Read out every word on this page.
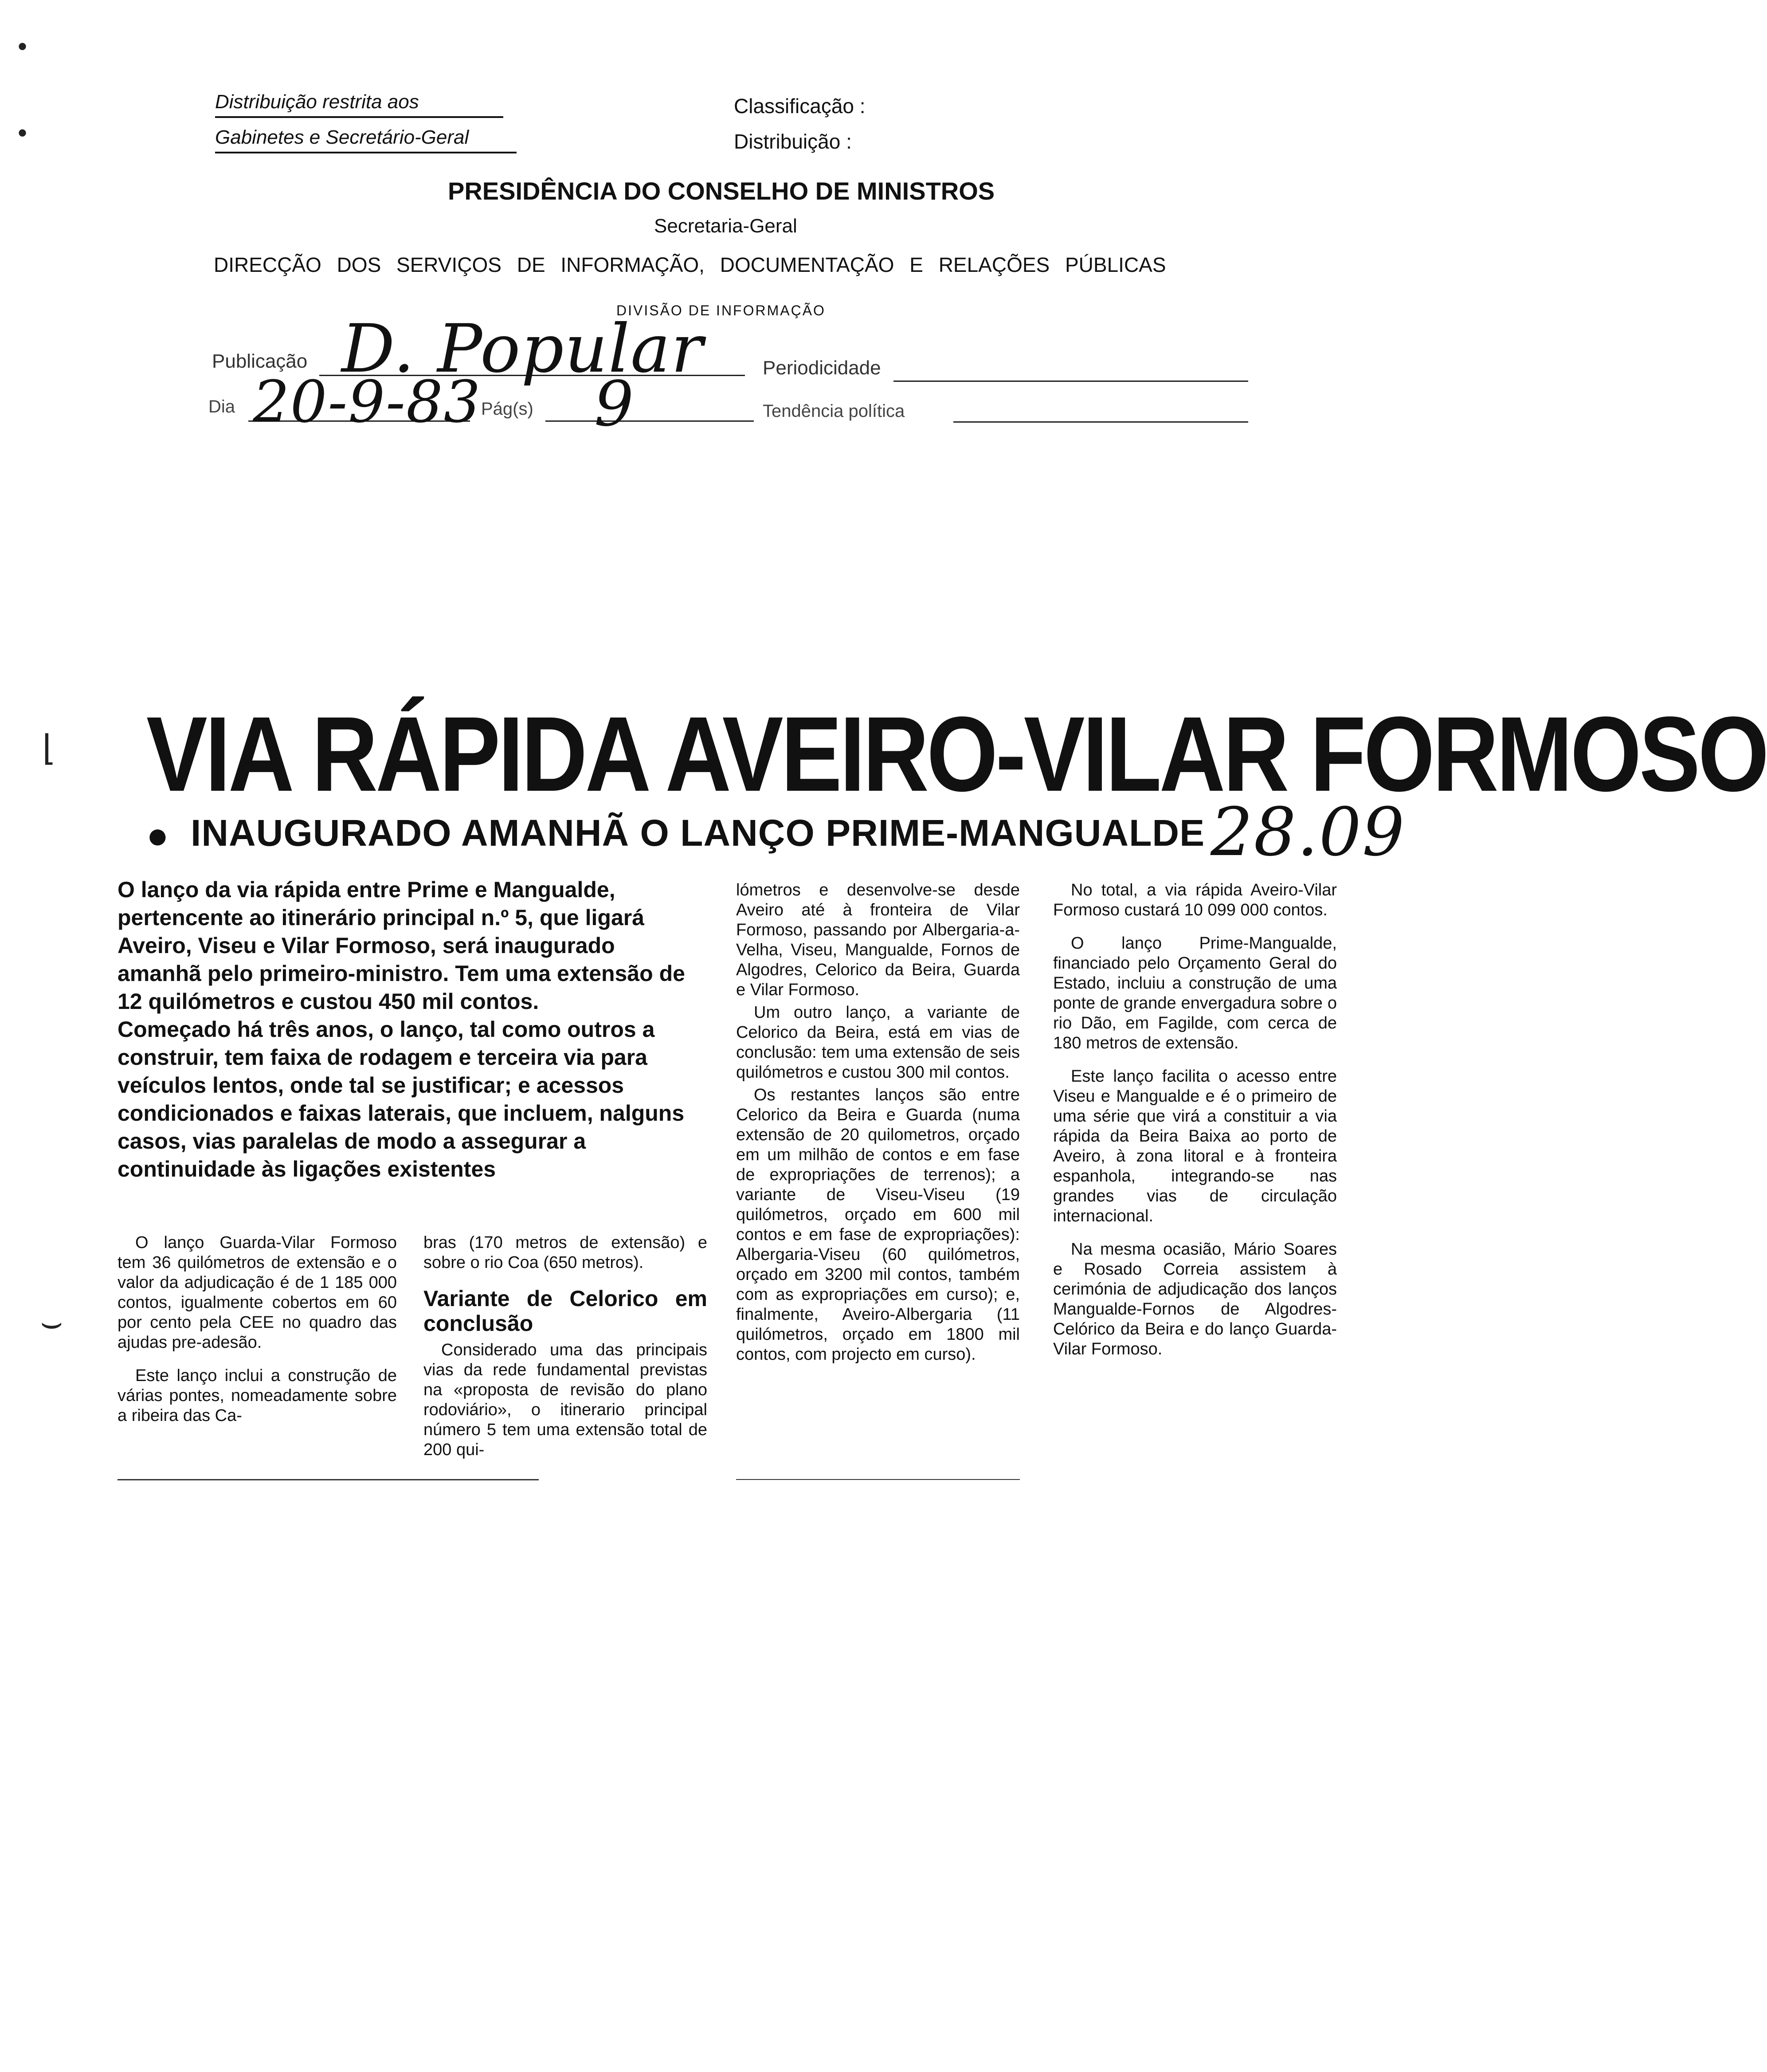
Distribuição restrita aos
Gabinetes e Secretário-Geral
Classificação :
Distribuição :
PRESIDÊNCIA DO CONSELHO DE MINISTROS
Secretaria-Geral
DIRECÇÃO DOS SERVIÇOS DE INFORMAÇÃO, DOCUMENTAÇÃO E RELAÇÕES PÚBLICAS
DIVISÃO DE INFORMAÇÃO
Publicação D. Popular	Periodicidade
Dia 20-9-83 Pág(s) 9	Tendência política
•
•
⌊
⌣
VIA RÁPIDA AVEIRO-VILAR FORMOSO
● INAUGURADO AMANHÃ O LANÇO PRIME-MANGUALDE 28.09

O lanço da via rápida entre Prime e Mangualde, pertencente ao itinerário principal n.º 5, que ligará Aveiro, Viseu e Vilar Formoso, será inaugurado amanhã pelo primeiro-ministro. Tem uma extensão de 12 quilómetros e custou 450 mil contos.

Começado há três anos, o lanço, tal como outros a construir, tem faixa de rodagem e terceira via para veículos lentos, onde tal se justificar; e acessos condicionados e faixas laterais, que incluem, nalguns casos, vias paralelas de modo a assegurar a continuidade às ligações existentes

O lanço Guarda-Vilar Formoso tem 36 quilómetros de extensão e o valor da adjudicação é de 1 185 000 contos, igualmente cobertos em 60 por cento pela CEE no quadro das ajudas pre-adesão.

Este lanço inclui a construção de várias pontes, nomeadamente sobre a ribeira das Ca-

bras (170 metros de extensão) e sobre o rio Coa (650 metros).

Variante de Celorico em conclusão

Considerado uma das principais vias da rede fundamental previstas na «proposta de revisão do plano rodoviário», o itinerario principal número 5 tem uma extensão total de 200 qui-

lómetros e desenvolve-se desde Aveiro até à fronteira de Vilar Formoso, passando por Albergaria-a-Velha, Viseu, Mangualde, Fornos de Algodres, Celorico da Beira, Guarda e Vilar Formoso.

Um outro lanço, a variante de Celorico da Beira, está em vias de conclusão: tem uma extensão de seis quilómetros e custou 300 mil contos.

Os restantes lanços são entre Celorico da Beira e Guarda (numa extensão de 20 quilometros, orçado em um milhão de contos e em fase de expropriações de terrenos); a variante de Viseu-Viseu (19 quilómetros, orçado em 600 mil contos e em fase de expropriações): Albergaria-Viseu (60 quilómetros, orçado em 3200 mil contos, também com as expropriações em curso); e, finalmente, Aveiro-Albergaria (11 quilómetros, orçado em 1800 mil contos, com projecto em curso).

No total, a via rápida Aveiro-Vilar Formoso custará 10 099 000 contos.

O lanço Prime-Mangualde, financiado pelo Orçamento Geral do Estado, incluiu a construção de uma ponte de grande envergadura sobre o rio Dão, em Fagilde, com cerca de 180 metros de extensão.

Este lanço facilita o acesso entre Viseu e Mangualde e é o primeiro de uma série que virá a constituir a via rápida da Beira Baixa ao porto de Aveiro, à zona litoral e à fronteira espanhola, integrando-se nas grandes vias de circulação internacional.

Na mesma ocasião, Mário Soares e Rosado Correia assistem à cerimónia de adjudicação dos lanços Mangualde-Fornos de Algodres-Celórico da Beira e do lanço Guarda-Vilar Formoso.
